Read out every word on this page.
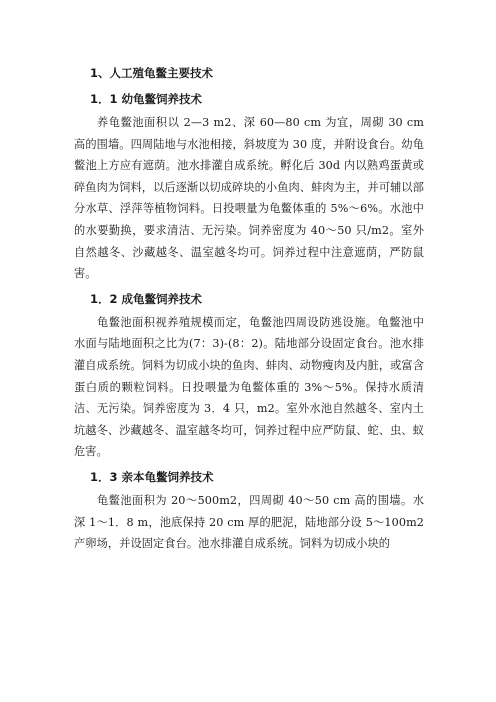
1、人工殖龟鳖主要技术

1．1 幼龟鳖饲养技术

养龟鳖池面积以 2—3 m2、深 60—80 cm 为宜，周砌 30 cm 高的围墙。四周陆地与水池相接，斜坡度为 30 度，并附设食台。幼龟鳖池上方应有遮荫。池水排灌自成系统。孵化后 30d 内以熟鸡蛋黄或碎鱼肉为饲料，以后逐渐以切成碎块的小鱼肉、蚌肉为主，并可辅以部分水草、浮萍等植物饲料。日投喂量为龟鳖体重的 5%～6%。水池中的水要勤换，要求清洁、无污染。饲养密度为 40～50 只/m2。室外自然越冬、沙藏越冬、温室越冬均可。饲养过程中注意遮荫，严防鼠害。

1．2 成龟鳖饲养技术

龟鳖池面积视养殖规模而定，龟鳖池四周设防逃设施。龟鳖池中水面与陆地面积之比为(7：3)-(8：2)。陆地部分设固定食台。池水排灌自成系统。饲料为切成小块的鱼肉、蚌肉、动物瘦肉及内脏，或富含蛋白质的颗粒饲料。日投喂量为龟鳖体重的 3%～5%。保持水质清洁、无污染。饲养密度为 3．4 只，m2。室外水池自然越冬、室内土坑越冬、沙藏越冬、温室越冬均可，饲养过程中应严防鼠、蛇、虫、蚁危害。

1．3 亲本龟鳖饲养技术

龟鳖池面积为 20～500m2，四周砌 40～50 cm 高的围墙。水深 1～1．8 m，池底保持 20 cm 厚的肥泥，陆地部分设 5～100m2 产卵场，并设固定食台。池水排灌自成系统。饲料为切成小块的
